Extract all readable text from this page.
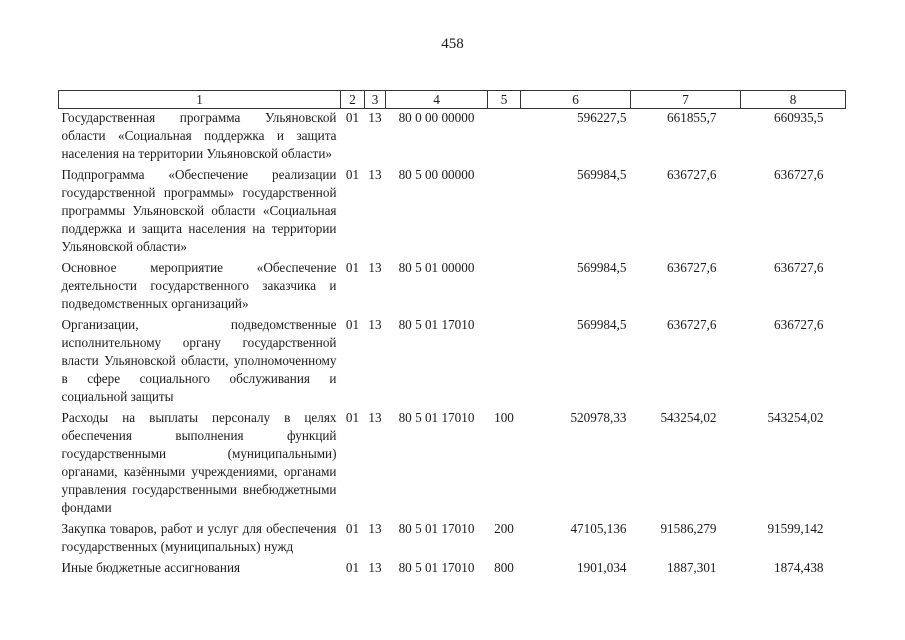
458
1	2	3	4	5	6	7	8
Государственная программа Ульяновской области «Социальная поддержка и защита населения на территории Ульяновской области»	01	13	80 0 00 00000		596227,5	661855,7	660935,5

Подпрограмма «Обеспечение реализации государственной программы» государственной программы Ульяновской области «Социальная поддержка и защита населения на территории Ульяновской области»	01	13	80 5 00 00000		569984,5	636727,6	636727,6

Основное мероприятие «Обеспечение деятельности государственного заказчика и подведомственных организаций»	01	13	80 5 01 00000		569984,5	636727,6	636727,6

Организации, подведомственные исполнительному органу государственной власти Ульяновской области, уполномоченному в сфере социального обслуживания и социальной защиты	01	13	80 5 01 17010		569984,5	636727,6	636727,6

Расходы на выплаты персоналу в целях обеспечения выполнения функций государственными (муниципальными) органами, казёнными учреждениями, органами управления государственными внебюджетными фондами	01	13	80 5 01 17010	100	520978,33	543254,02	543254,02

Закупка товаров, работ и услуг для обеспечения государственных (муниципальных) нужд	01	13	80 5 01 17010	200	47105,136	91586,279	91599,142

Иные бюджетные ассигнования	01	13	80 5 01 17010	800	1901,034	1887,301	1874,438
